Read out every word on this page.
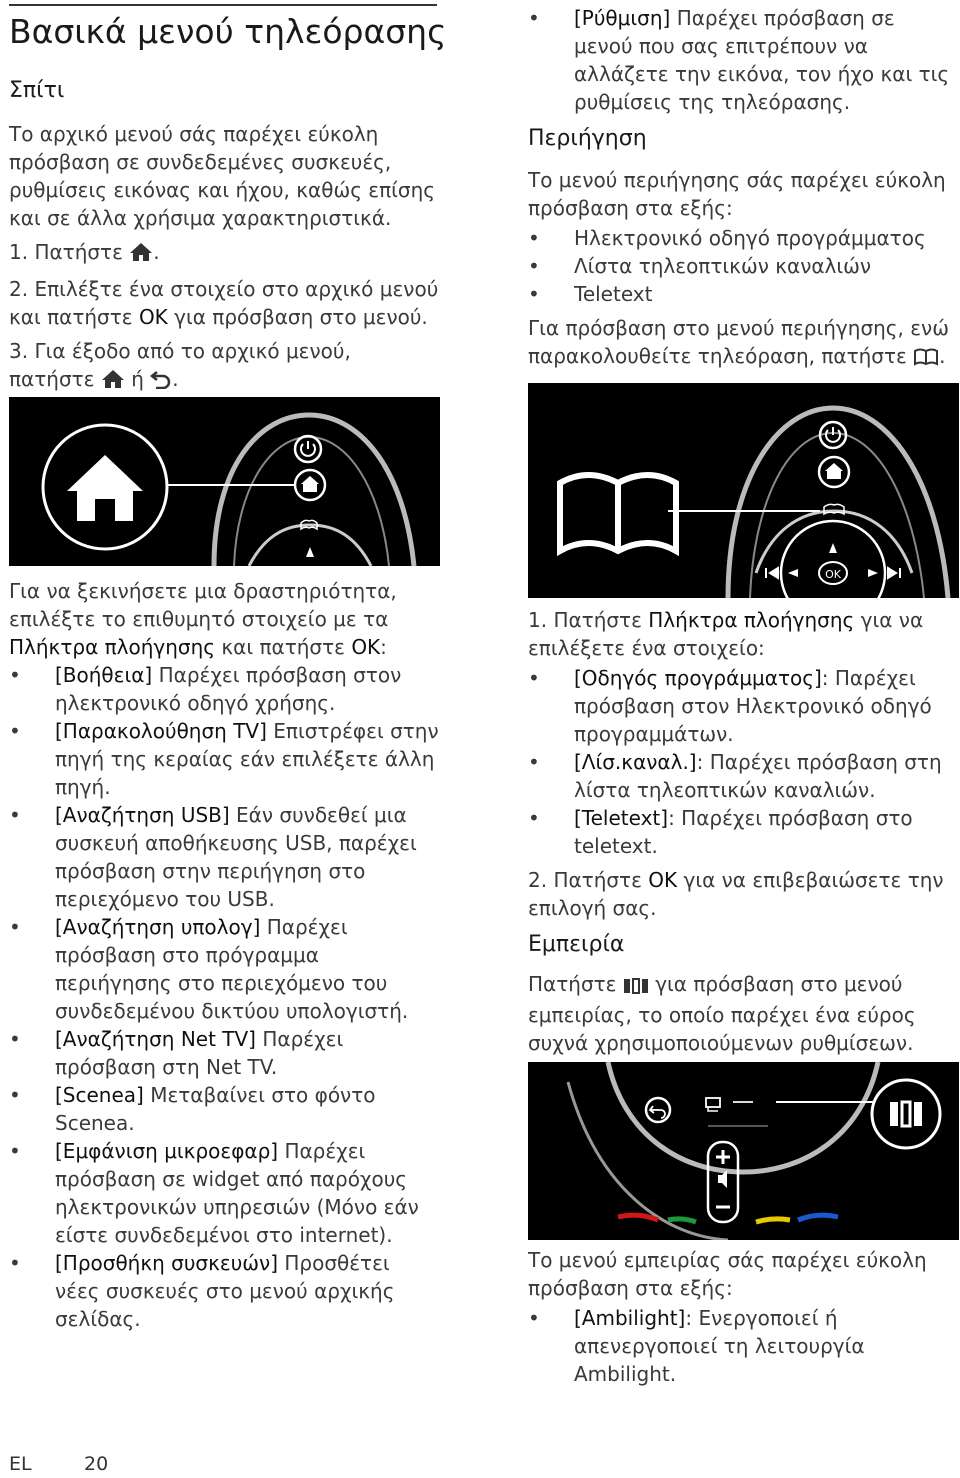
Βασικά μενού τηλεόρασης

Σπίτι

Το αρχικό μενού σάς παρέχει εύκολη πρόσβαση σε συνδεδεμένες συσκευές, ρυθμίσεις εικόνας και ήχου, καθώς επίσης και σε άλλα χρήσιμα χαρακτηριστικά.

1. Πατήστε .

2. Επιλέξτε ένα στοιχείο στο αρχικό μενού και πατήστε OK για πρόσβαση στο μενού.

3. Για έξοδο από το αρχικό μενού, πατήστε ή .

Για να ξεκινήσετε μια δραστηριότητα, επιλέξτε το επιθυμητό στοιχείο με τα Πλήκτρα πλοήγησης και πατήστε OK:

• [Βοήθεια] Παρέχει πρόσβαση στον ηλεκτρονικό οδηγό χρήσης.
• [Παρακολούθηση TV] Επιστρέφει στην πηγή της κεραίας εάν επιλέξετε άλλη πηγή.
• [Αναζήτηση USB] Εάν συνδεθεί μια συσκευή αποθήκευσης USB, παρέχει πρόσβαση στην περιήγηση στο περιεχόμενο του USB.
• [Αναζήτηση υπολογ] Παρέχει πρόσβαση στο πρόγραμμα περιήγησης στο περιεχόμενο του συνδεδεμένου δικτύου υπολογιστή.
• [Αναζήτηση Net TV] Παρέχει πρόσβαση στη Net TV.
• [Scenea] Μεταβαίνει στο φόντο Scenea.
• [Εμφάνιση μικροεφαρ] Παρέχει πρόσβαση σε widget από παρόχους ηλεκτρονικών υπηρεσιών (Μόνο εάν είστε συνδεδεμένοι στο internet).
• [Προσθήκη συσκευών] Προσθέτει νέες συσκευές στο μενού αρχικής σελίδας.
• [Ρύθμιση] Παρέχει πρόσβαση σε μενού που σας επιτρέπουν να αλλάζετε την εικόνα, τον ήχο και τις ρυθμίσεις της τηλεόρασης.

Περιήγηση

Το μενού περιήγησης σάς παρέχει εύκολη πρόσβαση στα εξής:

• Ηλεκτρονικό οδηγό προγράμματος
• Λίστα τηλεοπτικών καναλιών
• Teletext

Για πρόσβαση στο μενού περιήγησης, ενώ παρακολουθείτε τηλεόραση, πατήστε .

OK

1. Πατήστε Πλήκτρα πλοήγησης για να επιλέξετε ένα στοιχείο:

• [Οδηγός προγράμματος]: Παρέχει πρόσβαση στον Ηλεκτρονικό οδηγό προγραμμάτων.
• [Λίσ.καναλ.]: Παρέχει πρόσβαση στη λίστα τηλεοπτικών καναλιών.
• [Teletext]: Παρέχει πρόσβαση στο teletext.

2. Πατήστε OK για να επιβεβαιώσετε την επιλογή σας.

Εμπειρία

Πατήστε για πρόσβαση στο μενού εμπειρίας, το οποίο παρέχει ένα εύρος συχνά χρησιμοποιούμενων ρυθμίσεων.

Το μενού εμπειρίας σάς παρέχει εύκολη πρόσβαση στα εξής:

• [Ambilight]: Ενεργοποιεί ή απενεργοποιεί τη λειτουργία Ambilight.
EL	20
